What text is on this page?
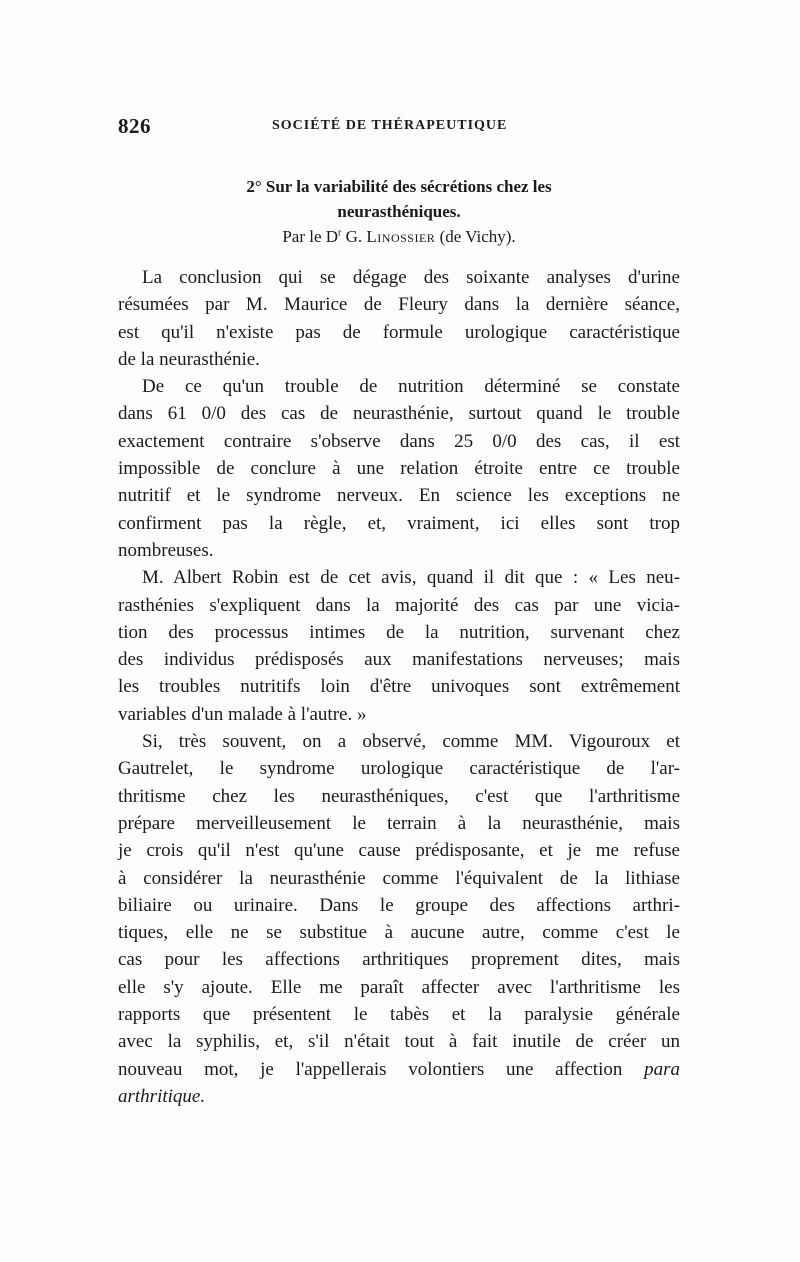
826	SOCIÉTÉ DE THÉRAPEUTIQUE
2° Sur la variabilité des sécrétions chez les
neurasthéniques.
Par le $D^r$ G. Linossier (de Vichy).
La conclusion qui se dégage des soixante analyses d'urine
résumées par M. Maurice de Fleury dans la dernière séance,
est qu'il n'existe pas de formule urologique caractéristique
de la neurasthénie.
De ce qu'un trouble de nutrition déterminé se constate
dans 61 0/0 des cas de neurasthénie, surtout quand le trouble
exactement contraire s'observe dans 25 0/0 des cas, il est
impossible de conclure à une relation étroite entre ce trouble
nutritif et le syndrome nerveux. En science les exceptions ne
confirment pas la règle, et, vraiment, ici elles sont trop
nombreuses.
M. Albert Robin est de cet avis, quand il dit que : « Les neu-
rasthénies s'expliquent dans la majorité des cas par une vicia-
tion des processus intimes de la nutrition, survenant chez
des individus prédisposés aux manifestations nerveuses; mais
les troubles nutritifs loin d'être univoques sont extrêmement
variables d'un malade à l'autre. »
Si, très souvent, on a observé, comme MM. Vigouroux et
Gautrelet, le syndrome urologique caractéristique de l'ar-
thritisme chez les neurasthéniques, c'est que l'arthritisme
prépare merveilleusement le terrain à la neurasthénie, mais
je crois qu'il n'est qu'une cause prédisposante, et je me refuse
à considérer la neurasthénie comme l'équivalent de la lithiase
biliaire ou urinaire. Dans le groupe des affections arthri-
tiques, elle ne se substitue à aucune autre, comme c'est le
cas pour les affections arthritiques proprement dites, mais
elle s'y ajoute. Elle me paraît affecter avec l'arthritisme les
rapports que présentent le tabès et la paralysie générale
avec la syphilis, et, s'il n'était tout à fait inutile de créer un
nouveau mot, je l'appellerais volontiers une affection para
arthritique.
